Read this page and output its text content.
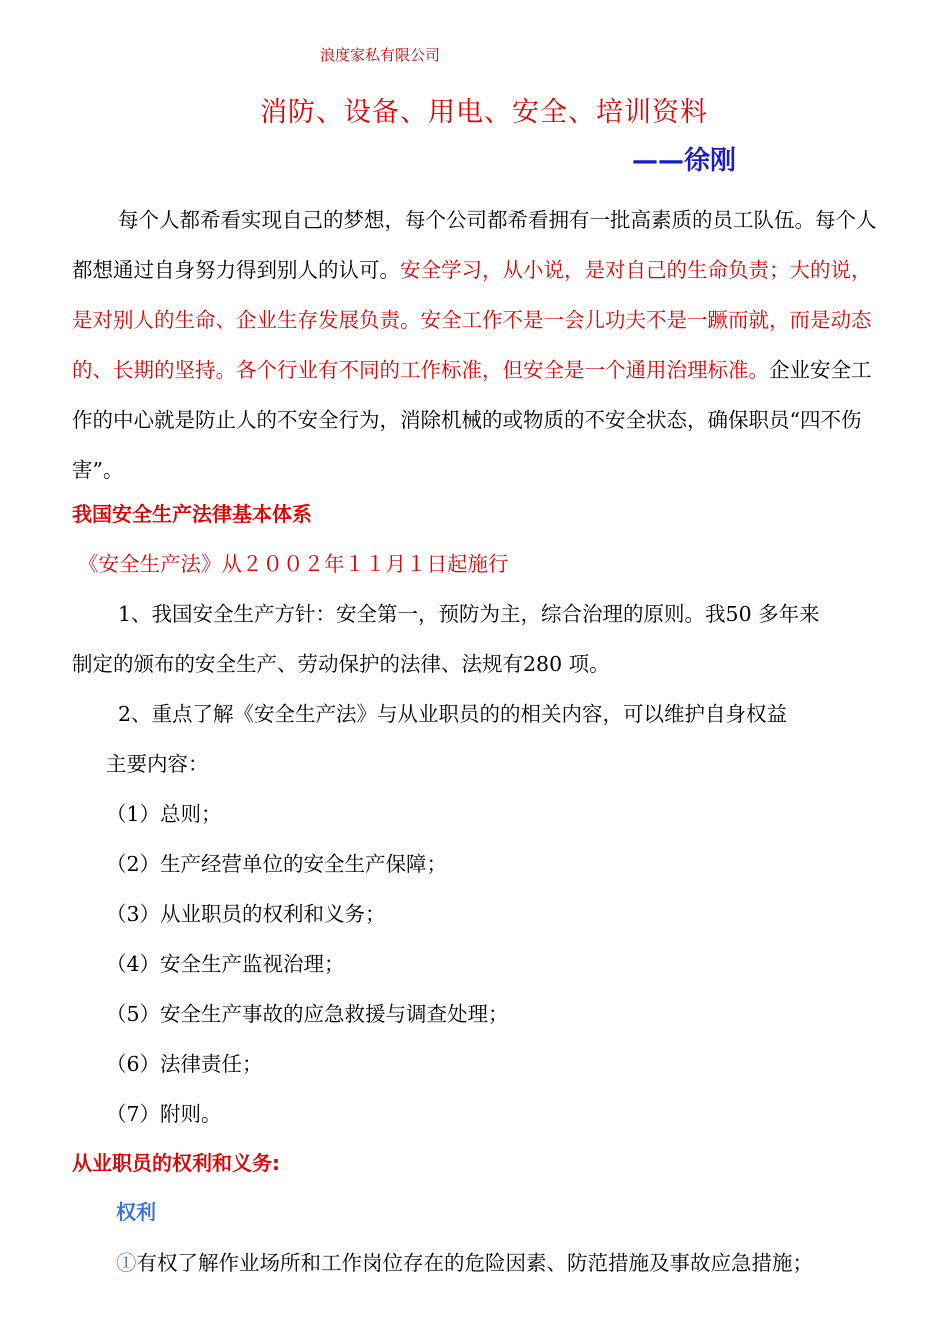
浪度家私有限公司
消防、设备、用电、安全、培训资料
——徐刚

每个人都希看实现自己的梦想，每个公司都希看拥有一批高素质的员工队伍。每个人都想通过自身努力得到别人的认可。安全学习，从小说，是对自己的生命负责；大的说，是对别人的生命、企业生存发展负责。安全工作不是一会儿功夫不是一蹶而就，而是动态的、长期的坚持。各个行业有不同的工作标准，但安全是一个通用治理标准。企业安全工作的中心就是防止人的不安全行为，消除机械的或物质的不安全状态，确保职员“四不伤害”。

我国安全生产法律基本体系
《安全生产法》从２００２年１１月１日起施行
1、我国安全生产方针：安全第一，预防为主，综合治理的原则。我50 多年来
制定的颁布的安全生产、劳动保护的法律、法规有280 项。
2、重点了解《安全生产法》与从业职员的的相关内容，可以维护自身权益
主要内容：
（1）总则；
（2）生产经营单位的安全生产保障；
（3）从业职员的权利和义务；
（4）安全生产监视治理；
（5）安全生产事故的应急救援与调查处理；
（6）法律责任；
（7）附则。
从业职员的权利和义务:
权利
①有权了解作业场所和工作岗位存在的危险因素、防范措施及事故应急措施；
